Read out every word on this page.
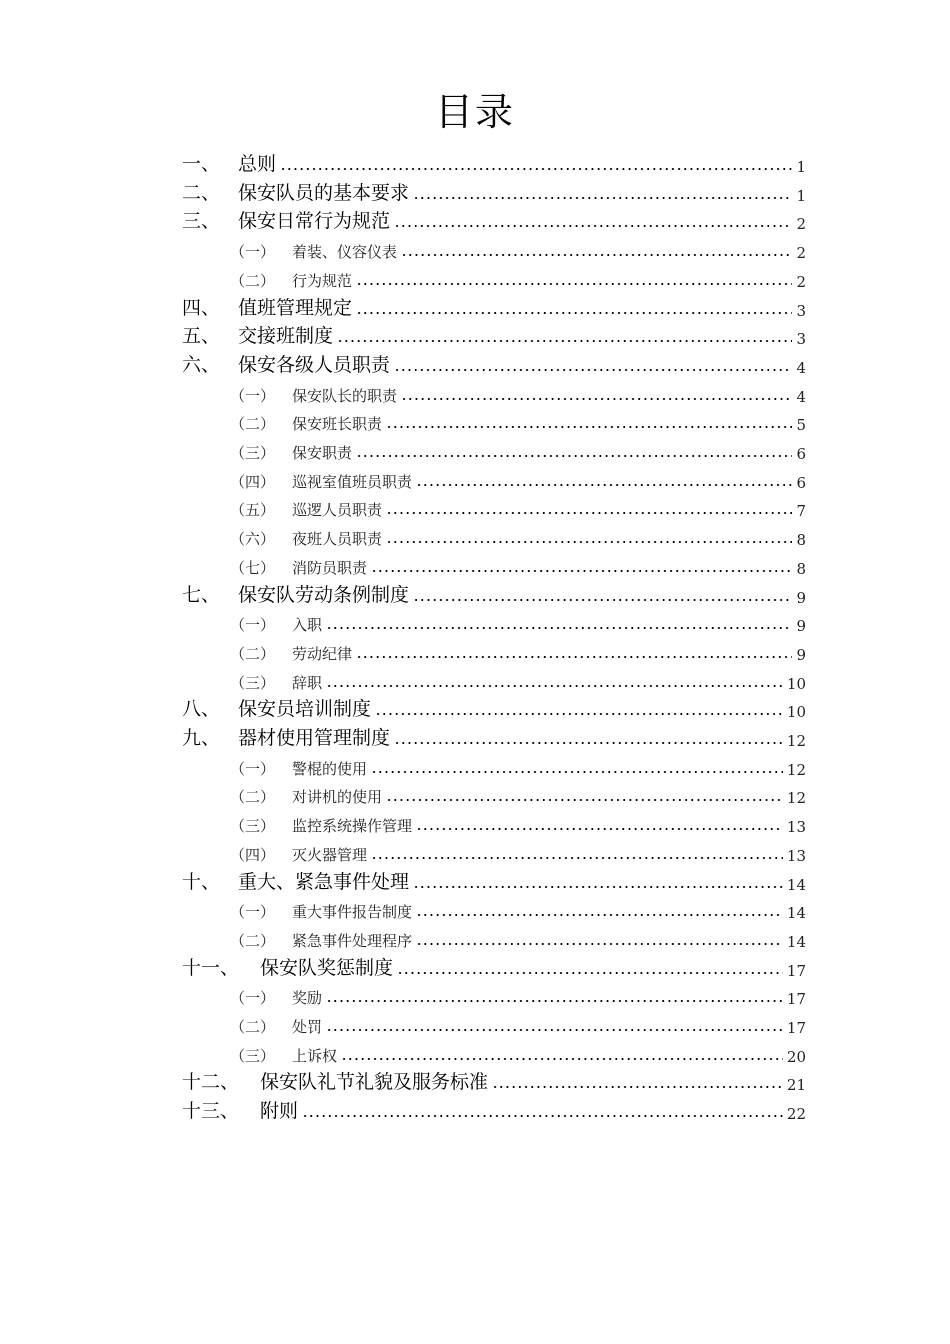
目录
一、 总则	1
二、 保安队员的基本要求	1
三、 保安日常行为规范	2
（一）	着装、仪容仪表	2
（二）	行为规范	2
四、 值班管理规定	3
五、 交接班制度	3
六、 保安各级人员职责	4
（一）	保安队长的职责	4
（二）	保安班长职责	5
（三）	保安职责	6
（四）	巡视室值班员职责	6
（五）	巡逻人员职责	7
（六）	夜班人员职责	8
（七）	消防员职责	8
七、 保安队劳动条例制度	9
（一）	入职	9
（二）	劳动纪律	9
（三）	辞职	10
八、 保安员培训制度	10
九、 器材使用管理制度	12
（一）	警棍的使用	12
（二）	对讲机的使用	12
（三）	监控系统操作管理	13
（四）	灭火器管理	13
十、 重大、紧急事件处理	14
（一）	重大事件报告制度	14
（二）	紧急事件处理程序	14
十一、	保安队奖惩制度	17
（一）	奖励	17
（二）	处罚	17
（三）	上诉权	20
十二、	保安队礼节礼貌及服务标准	21
十三、	附则	22
